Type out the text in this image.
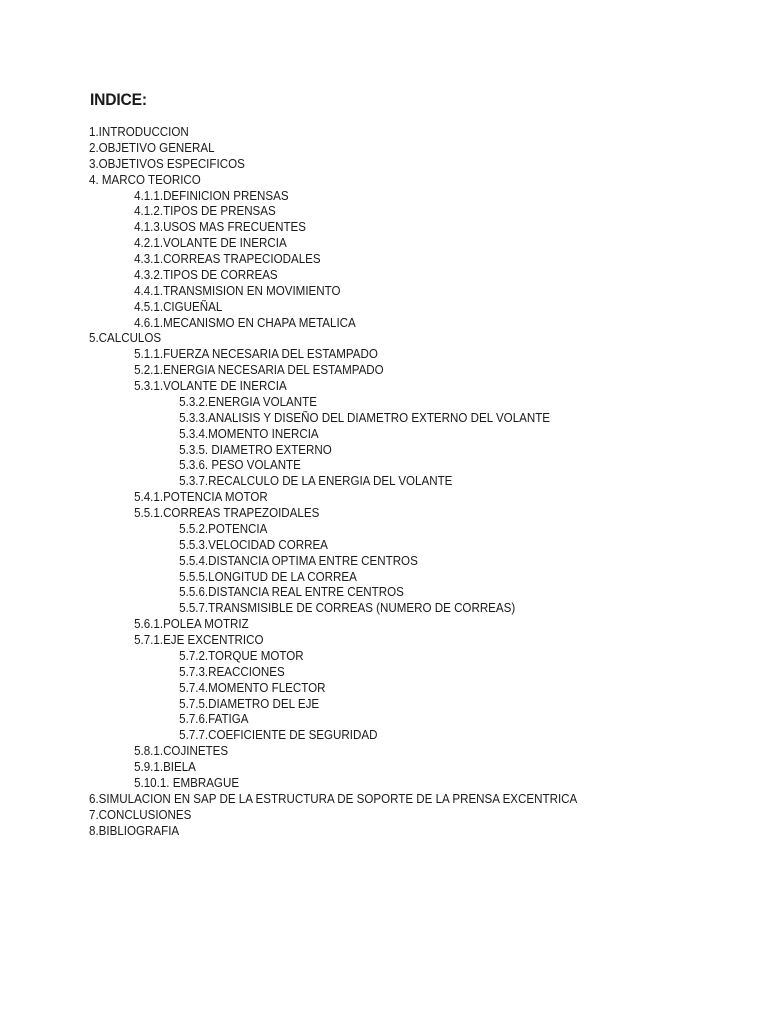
INDICE:
1.INTRODUCCION
2.OBJETIVO GENERAL
3.OBJETIVOS ESPECIFICOS
4. MARCO TEORICO
4.1.1.DEFINICION PRENSAS
4.1.2.TIPOS DE PRENSAS
4.1.3.USOS MAS FRECUENTES
4.2.1.VOLANTE DE INERCIA
4.3.1.CORREAS TRAPECIODALES
4.3.2.TIPOS DE CORREAS
4.4.1.TRANSMISION EN MOVIMIENTO
4.5.1.CIGUEÑAL
4.6.1.MECANISMO EN CHAPA METALICA
5.CALCULOS
5.1.1.FUERZA NECESARIA DEL ESTAMPADO
5.2.1.ENERGIA NECESARIA DEL ESTAMPADO
5.3.1.VOLANTE DE INERCIA
5.3.2.ENERGIA VOLANTE
5.3.3.ANALISIS Y DISEÑO DEL DIAMETRO EXTERNO DEL VOLANTE
5.3.4.MOMENTO INERCIA
5.3.5. DIAMETRO EXTERNO
5.3.6. PESO VOLANTE
5.3.7.RECALCULO DE LA ENERGIA DEL VOLANTE
5.4.1.POTENCIA MOTOR
5.5.1.CORREAS TRAPEZOIDALES
5.5.2.POTENCIA
5.5.3.VELOCIDAD CORREA
5.5.4.DISTANCIA OPTIMA ENTRE CENTROS
5.5.5.LONGITUD DE LA CORREA
5.5.6.DISTANCIA REAL ENTRE CENTROS
5.5.7.TRANSMISIBLE DE CORREAS (NUMERO DE CORREAS)
5.6.1.POLEA MOTRIZ
5.7.1.EJE EXCENTRICO
5.7.2.TORQUE MOTOR
5.7.3.REACCIONES
5.7.4.MOMENTO FLECTOR
5.7.5.DIAMETRO DEL EJE
5.7.6.FATIGA
5.7.7.COEFICIENTE DE SEGURIDAD
5.8.1.COJINETES
5.9.1.BIELA
5.10.1. EMBRAGUE
6.SIMULACION EN SAP DE LA ESTRUCTURA DE SOPORTE DE LA PRENSA EXCENTRICA
7.CONCLUSIONES
8.BIBLIOGRAFIA
